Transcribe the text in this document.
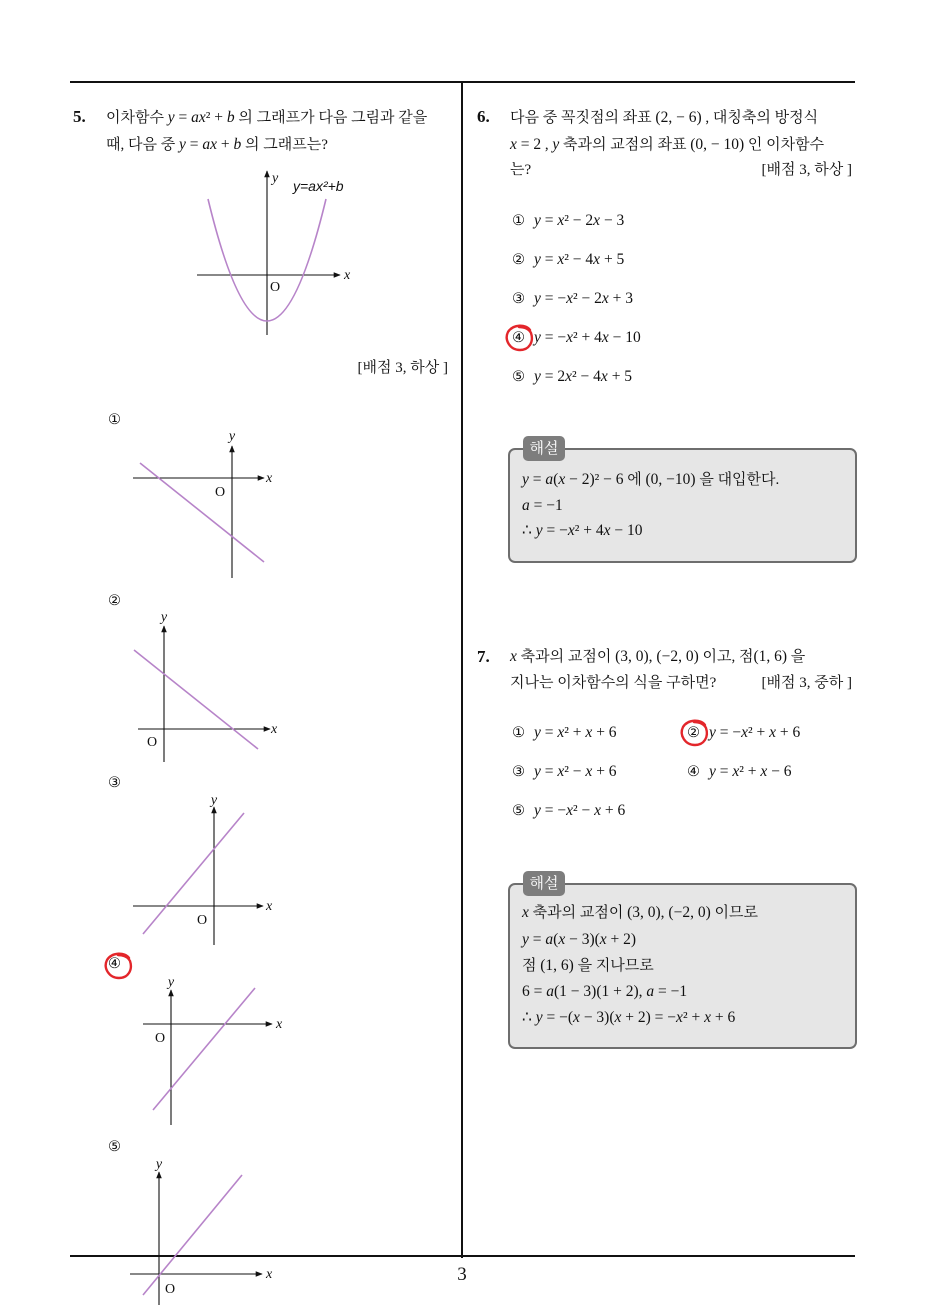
5. 이차함수 y = ax² + b 의 그래프가 다음 그림과 같을
때, 다음 중 y = ax + b 의 그래프는?
y
x
O
y=ax²+b
[배점 3, 하상 ]
①
y
x
O
②
y
x
O
③
y
x
O
④
y
x
O
⑤
y
x
O
6. 다음 중 꼭짓점의 좌표 (2, − 6) , 대칭축의 방정식
x = 2 , y 축과의 교점의 좌표 (0, − 10) 인 이차함수
는?	[배점 3, 하상 ]
① y = x² − 2x − 3
② y = x² − 4x + 5
③ y = −x² − 2x + 3
④ y = −x² + 4x − 10
⑤ y = 2x² − 4x + 5
해설
y = a(x − 2)² − 6 에 (0, −10) 을 대입한다.
a = −1
∴ y = −x² + 4x − 10
7. x 축과의 교점이 (3, 0), (−2, 0) 이고, 점(1, 6) 을
지나는 이차함수의 식을 구하면?	[배점 3, 중하 ]
① y = x² + x + 6	② y = −x² + x + 6
③ y = x² − x + 6	④ y = x² + x − 6
⑤ y = −x² − x + 6
해설
x 축과의 교점이 (3, 0), (−2, 0) 이므로
y = a(x − 3)(x + 2)
점 (1, 6) 을 지나므로
6 = a(1 − 3)(1 + 2), a = −1
∴ y = −(x − 3)(x + 2) = −x² + x + 6
3
